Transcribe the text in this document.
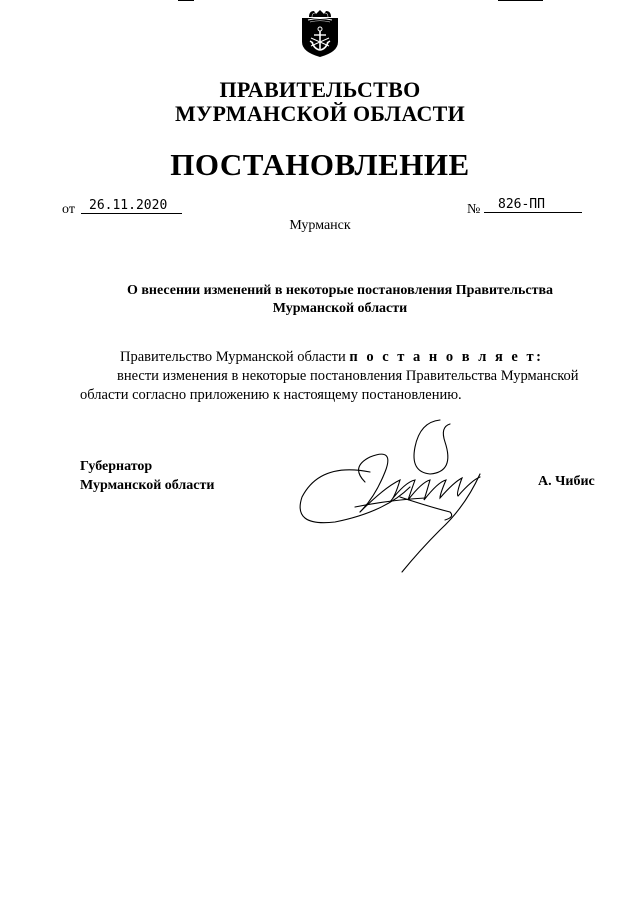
ПРАВИТЕЛЬСТВО
МУРМАНСКОЙ ОБЛАСТИ
ПОСТАНОВЛЕНИЕ
от	26.11.2020	№	826-ПП
Мурманск
О внесении изменений в некоторые постановления Правительства
Мурманской области
Правительство Мурманской области п о с т а н о в л я е т:
внести изменения в некоторые постановления Правительства Мурманской
области согласно приложению к настоящему постановлению.
Губернатор
Мурманской области	А. Чибис
